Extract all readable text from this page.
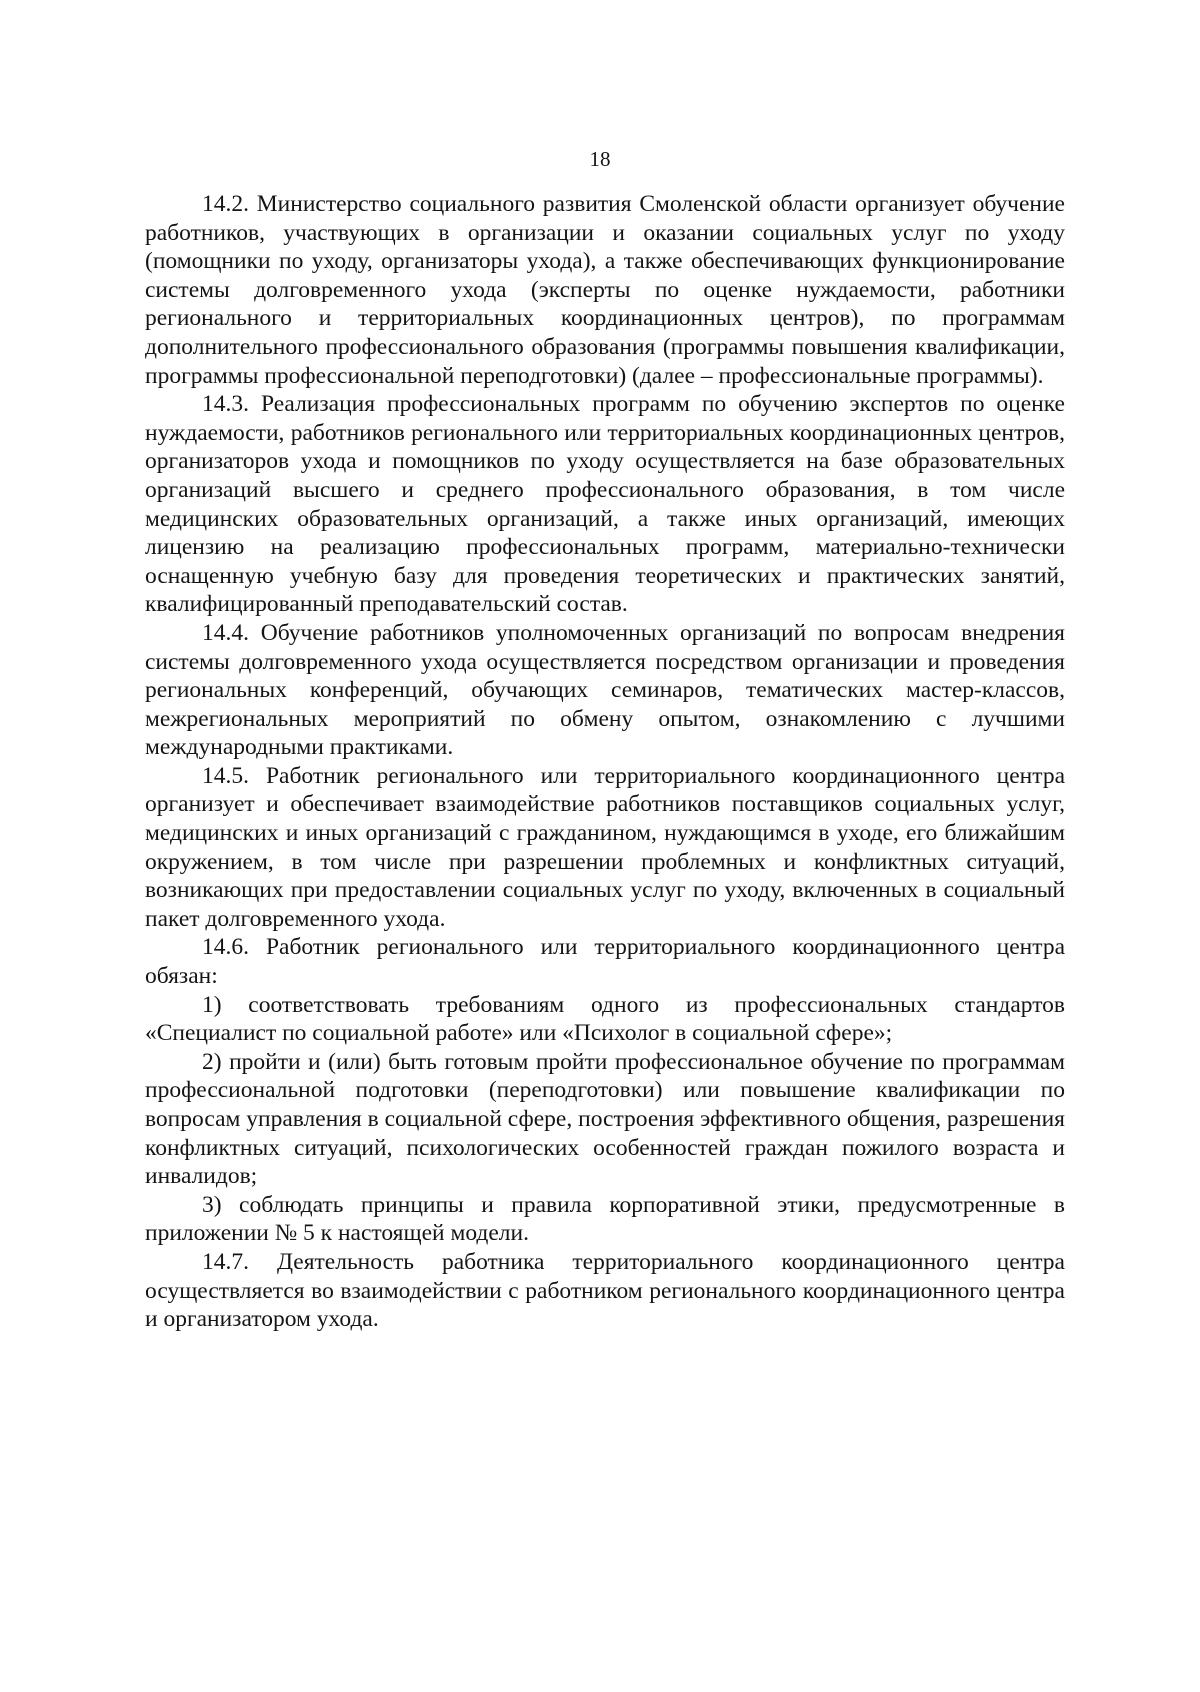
18

14.2. Министерство социального развития Смоленской области организует обучение работников, участвующих в организации и оказании социальных услуг по уходу (помощники по уходу, организаторы ухода), а также обеспечивающих функционирование системы долговременного ухода (эксперты по оценке нуждаемости, работники регионального и территориальных координационных центров), по программам дополнительного профессионального образования (программы повышения квалификации, программы профессиональной переподготовки) (далее – профессиональные программы).

14.3. Реализация профессиональных программ по обучению экспертов по оценке нуждаемости, работников регионального или территориальных координационных центров, организаторов ухода и помощников по уходу осуществляется на базе образовательных организаций высшего и среднего профессионального образования, в том числе медицинских образовательных организаций, а также иных организаций, имеющих лицензию на реализацию профессиональных программ, материально-технически оснащенную учебную базу для проведения теоретических и практических занятий, квалифицированный преподавательский состав.

14.4. Обучение работников уполномоченных организаций по вопросам внедрения системы долговременного ухода осуществляется посредством организации и проведения региональных конференций, обучающих семинаров, тематических мастер-классов, межрегиональных мероприятий по обмену опытом, ознакомлению с лучшими международными практиками.

14.5. Работник регионального или территориального координационного центра организует и обеспечивает взаимодействие работников поставщиков социальных услуг, медицинских и иных организаций с гражданином, нуждающимся в уходе, его ближайшим окружением, в том числе при разрешении проблемных и конфликтных ситуаций, возникающих при предоставлении социальных услуг по уходу, включенных в социальный пакет долговременного ухода.

14.6. Работник регионального или территориального координационного центра обязан:

1) соответствовать требованиям одного из профессиональных стандартов «Специалист по социальной работе» или «Психолог в социальной сфере»;

2) пройти и (или) быть готовым пройти профессиональное обучение по программам профессиональной подготовки (переподготовки) или повышение квалификации по вопросам управления в социальной сфере, построения эффективного общения, разрешения конфликтных ситуаций, психологических особенностей граждан пожилого возраста и инвалидов;

3) соблюдать принципы и правила корпоративной этики, предусмотренные в приложении № 5 к настоящей модели.

14.7. Деятельность работника территориального координационного центра осуществляется во взаимодействии с работником регионального координационного центра и организатором ухода.
